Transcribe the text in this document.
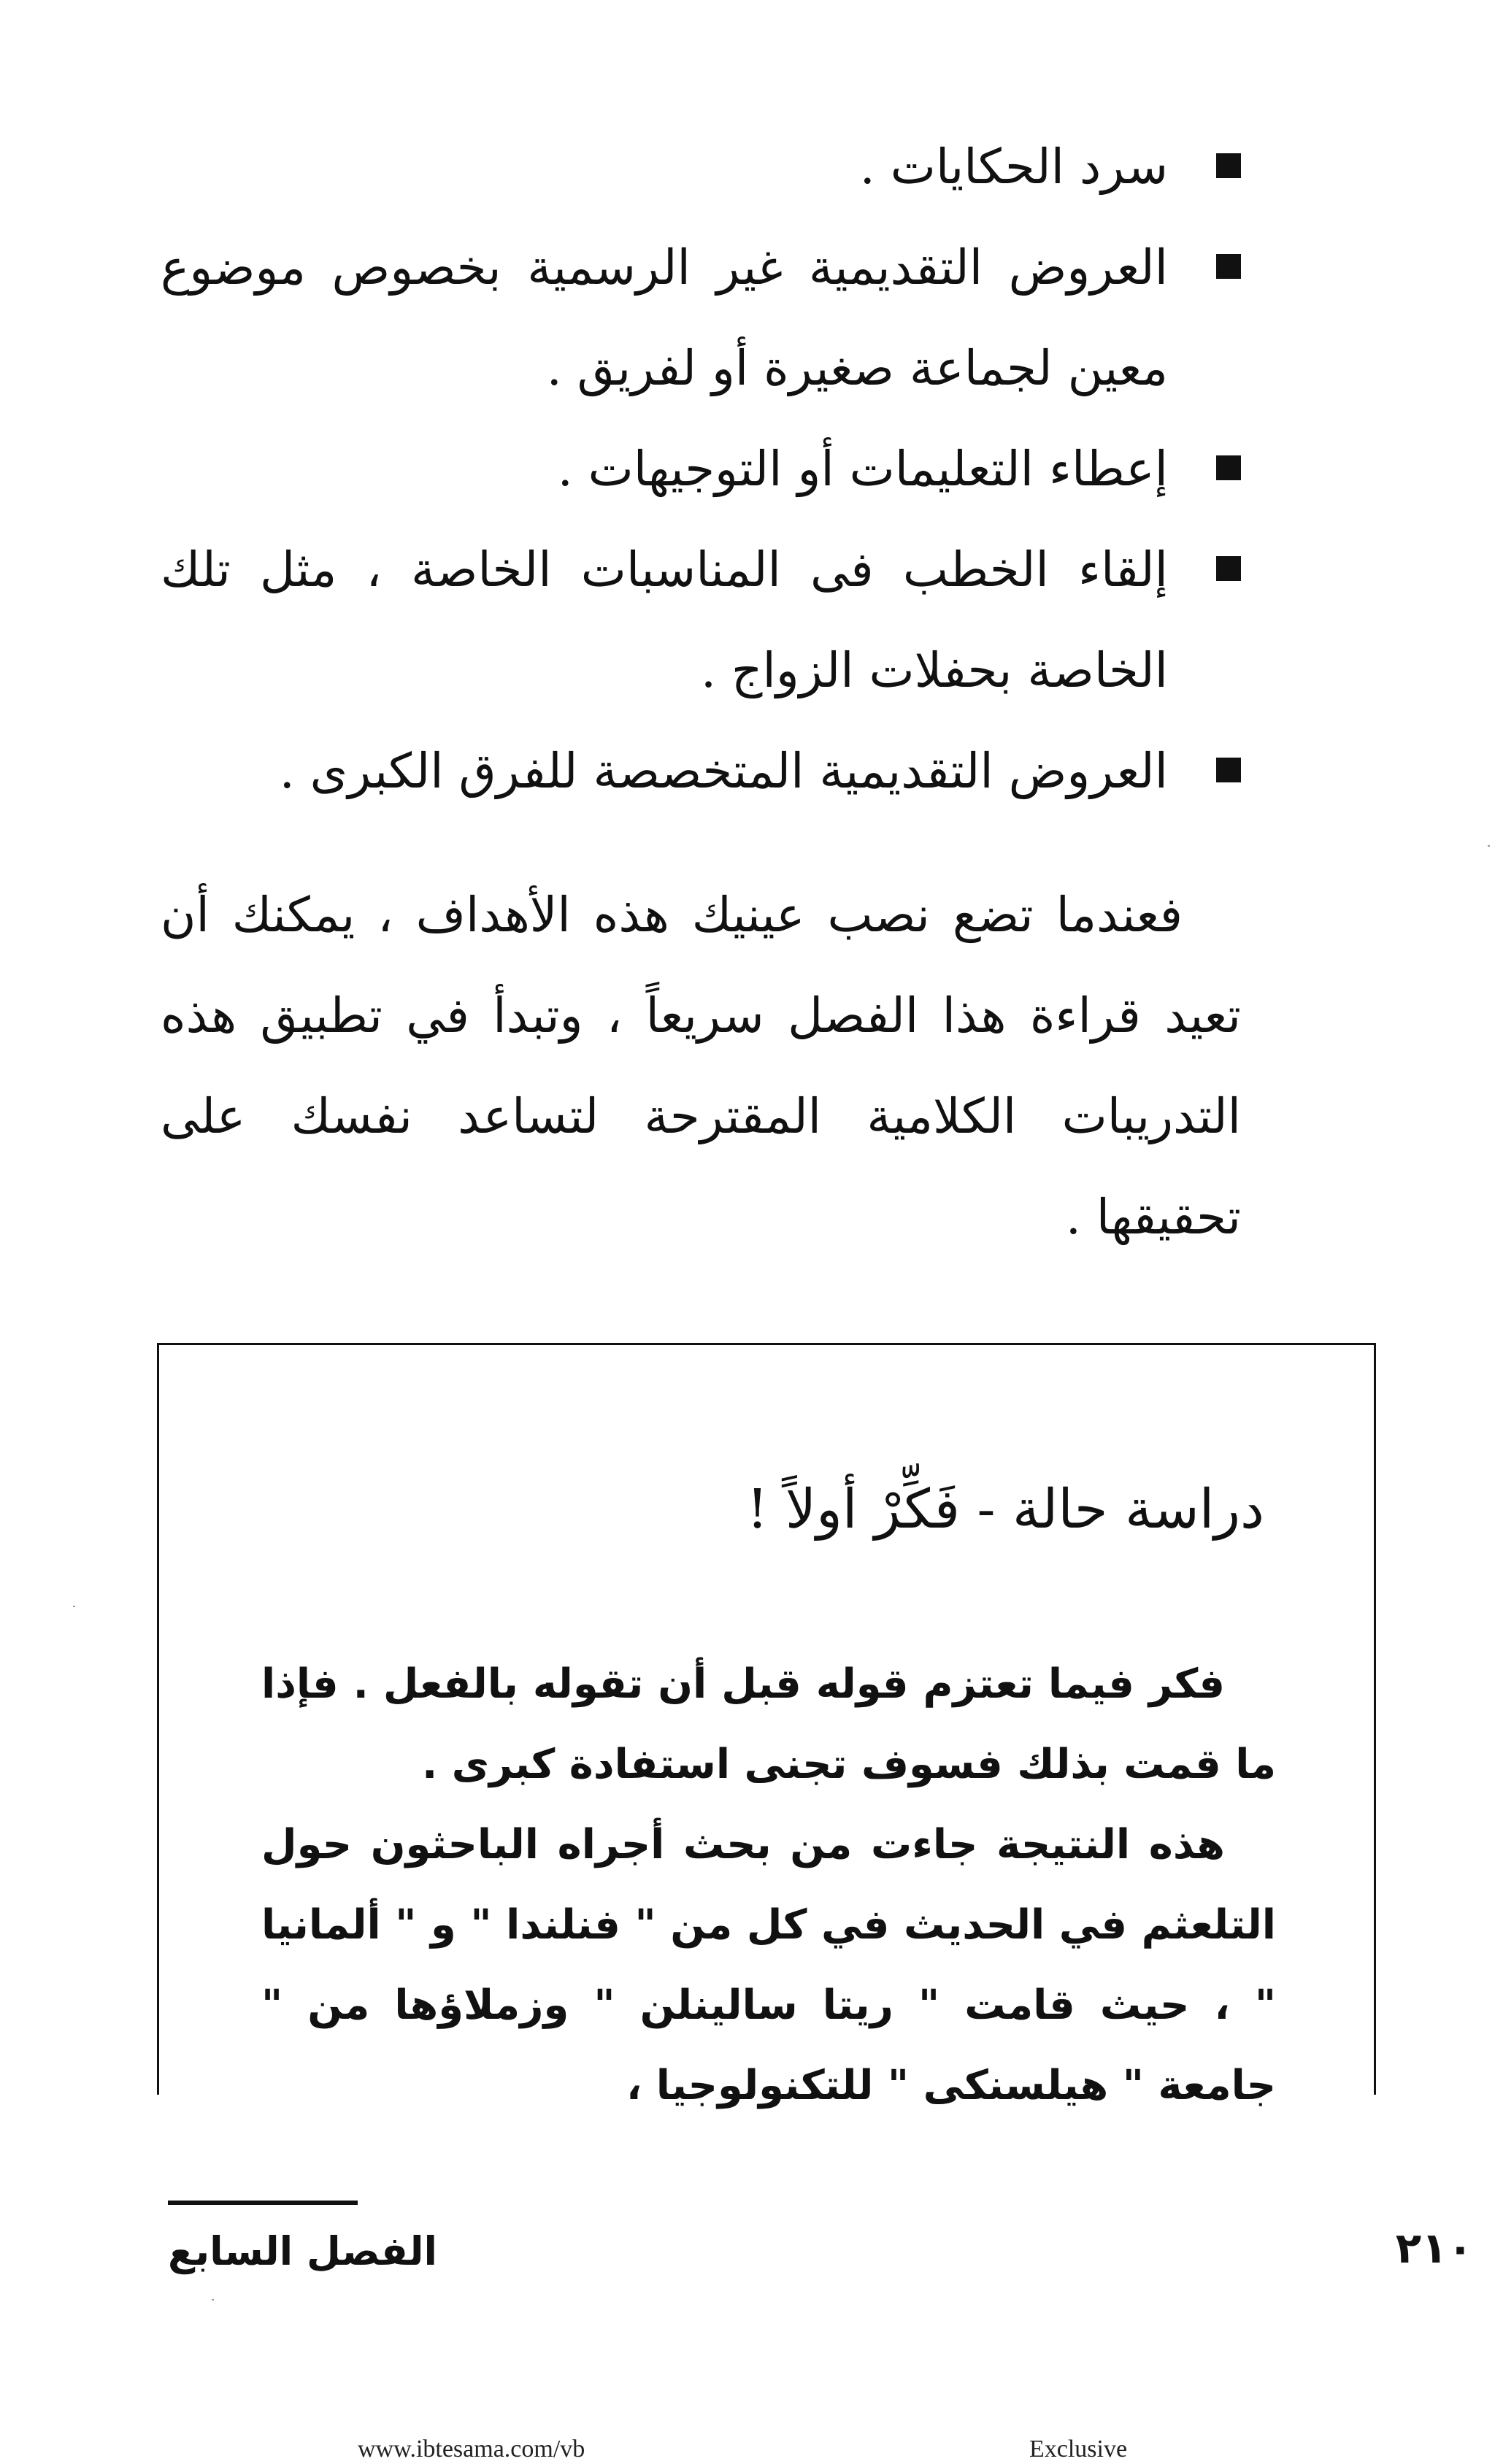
سرد الحكايات .
العروض التقديمية غير الرسمية بخصوص موضوع معين لجماعة صغيرة أو لفريق .
إعطاء التعليمات أو التوجيهات .
إلقاء الخطب فى المناسبات الخاصة ، مثل تلك الخاصة بحفلات الزواج .
العروض التقديمية المتخصصة للفرق الكبرى .

فعندما تضع نصب عينيك هذه الأهداف ، يمكنك أن تعيد قراءة هذا الفصل سريعاً ، وتبدأ في تطبيق هذه التدريبات الكلامية المقترحة لتساعد نفسك على تحقيقها .

دراسة حالة - فَكِّرْ أولاً !

فكر فيما تعتزم قوله قبل أن تقوله بالفعل . فإذا ما قمت بذلك فسوف تجنى استفادة كبرى .

هذه النتيجة جاءت من بحث أجراه الباحثون حول التلعثم في الحديث في كل من " فنلندا " و " ألمانيا " ، حيث قامت " ريتا سالينلن " وزملاؤها من " جامعة " هيلسنكى " للتكنولوجيا ،

الفصل السابع	٢١٠
www.ibtesama.com/vb	Exclusive
